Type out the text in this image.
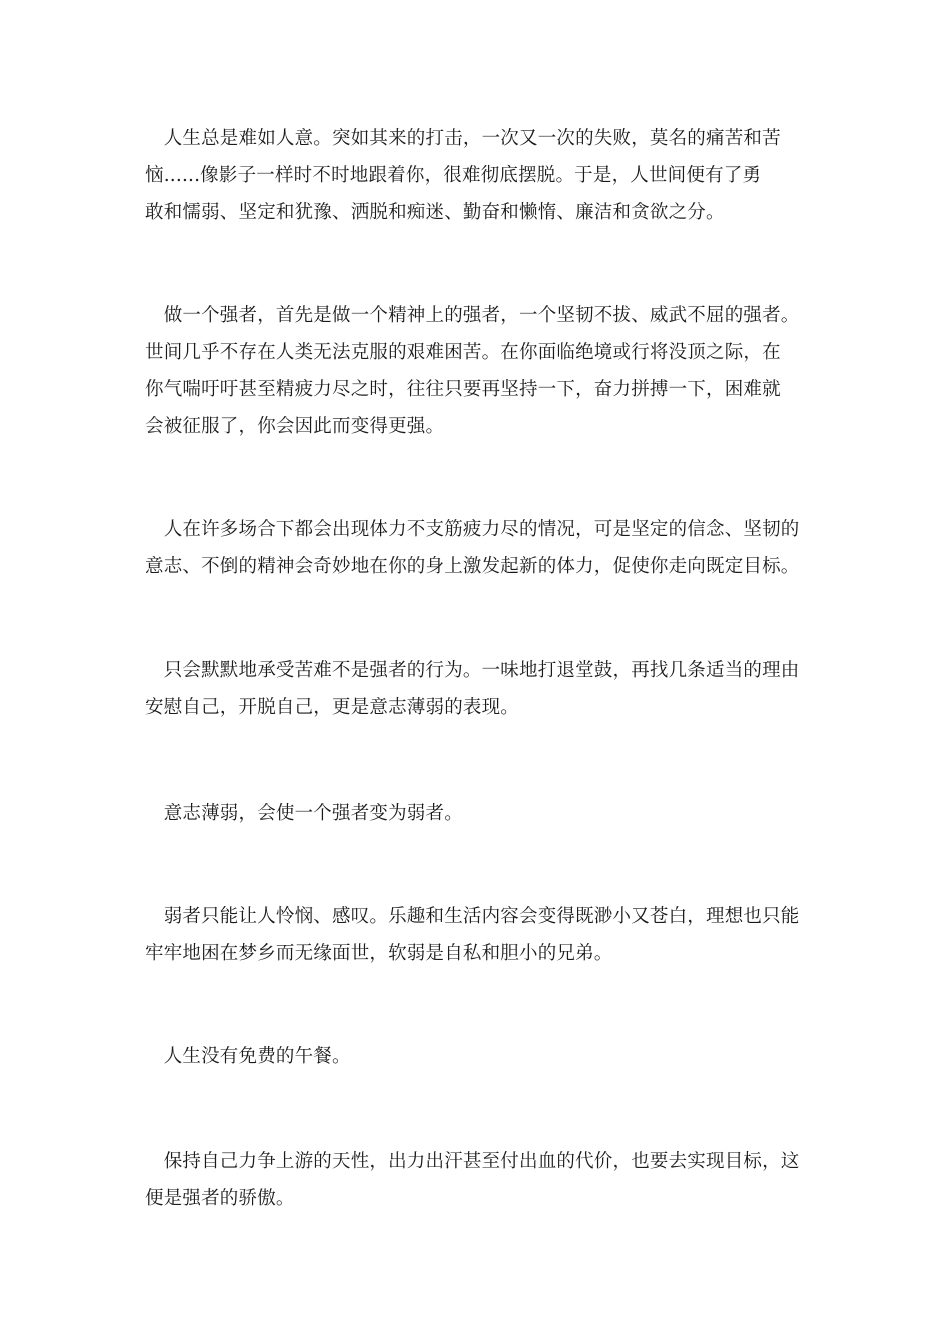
　人生总是难如人意。突如其来的打击，一次又一次的失败，莫名的痛苦和苦
恼......像影子一样时不时地跟着你，很难彻底摆脱。于是，人世间便有了勇
敢和懦弱、坚定和犹豫、洒脱和痴迷、勤奋和懒惰、廉洁和贪欲之分。

　做一个强者，首先是做一个精神上的强者，一个坚韧不拔、威武不屈的强者。
世间几乎不存在人类无法克服的艰难困苦。在你面临绝境或行将没顶之际，在
你气喘吁吁甚至精疲力尽之时，往往只要再坚持一下，奋力拼搏一下，困难就
会被征服了，你会因此而变得更强。

　人在许多场合下都会出现体力不支筋疲力尽的情况，可是坚定的信念、坚韧的
意志、不倒的精神会奇妙地在你的身上激发起新的体力，促使你走向既定目标。

　只会默默地承受苦难不是强者的行为。一味地打退堂鼓，再找几条适当的理由
安慰自己，开脱自己，更是意志薄弱的表现。

　意志薄弱，会使一个强者变为弱者。

　弱者只能让人怜悯、感叹。乐趣和生活内容会变得既渺小又苍白，理想也只能
牢牢地困在梦乡而无缘面世，软弱是自私和胆小的兄弟。

　人生没有免费的午餐。

　保持自己力争上游的天性，出力出汗甚至付出血的代价，也要去实现目标，这
便是强者的骄傲。
